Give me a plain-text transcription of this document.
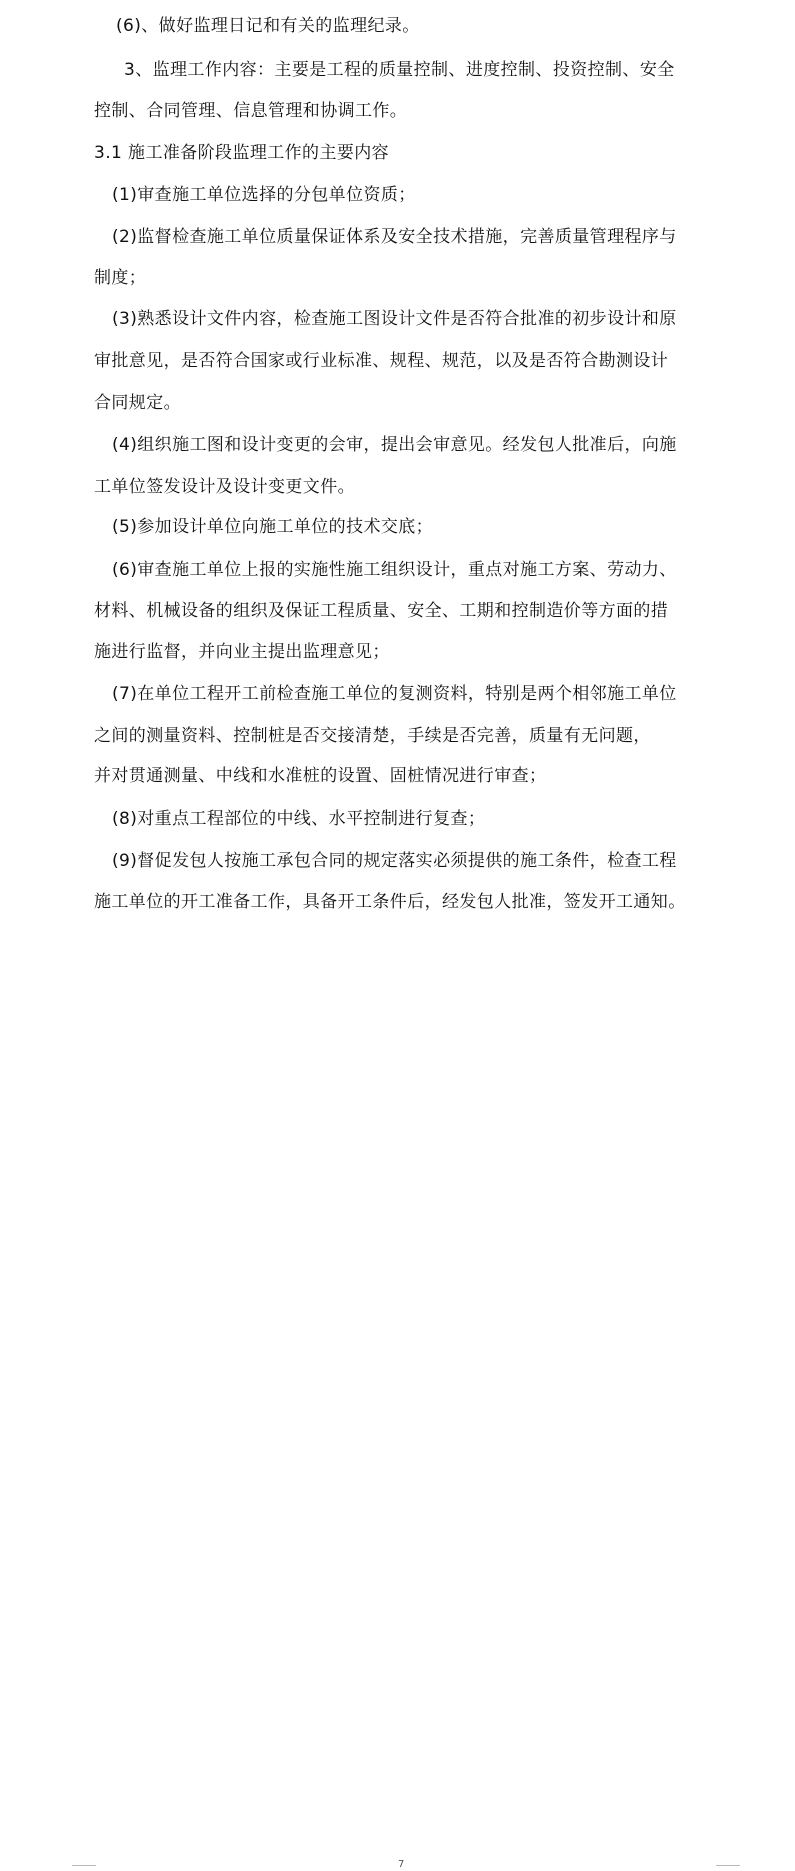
(6)、做好监理日记和有关的监理纪录。
3、监理工作内容：主要是工程的质量控制、进度控制、投资控制、安全
控制、合同管理、信息管理和协调工作。
3.1 施工准备阶段监理工作的主要内容
(1)审查施工单位选择的分包单位资质；
(2)监督检查施工单位质量保证体系及安全技术措施，完善质量管理程序与
制度；
(3)熟悉设计文件内容，检查施工图设计文件是否符合批准的初步设计和原
审批意见，是否符合国家或行业标准、规程、规范，以及是否符合勘测设计
合同规定。
(4)组织施工图和设计变更的会审，提出会审意见。经发包人批准后，向施
工单位签发设计及设计变更文件。
(5)参加设计单位向施工单位的技术交底；
(6)审查施工单位上报的实施性施工组织设计，重点对施工方案、劳动力、
材料、机械设备的组织及保证工程质量、安全、工期和控制造价等方面的措
施进行监督，并向业主提出监理意见；
(7)在单位工程开工前检查施工单位的复测资料，特别是两个相邻施工单位
之间的测量资料、控制桩是否交接清楚，手续是否完善，质量有无问题，
并对贯通测量、中线和水准桩的设置、固桩情况进行审查；
(8)对重点工程部位的中线、水平控制进行复查；
(9)督促发包人按施工承包合同的规定落实必须提供的施工条件，检查工程
施工单位的开工准备工作，具备开工条件后，经发包人批准，签发开工通知。
7
